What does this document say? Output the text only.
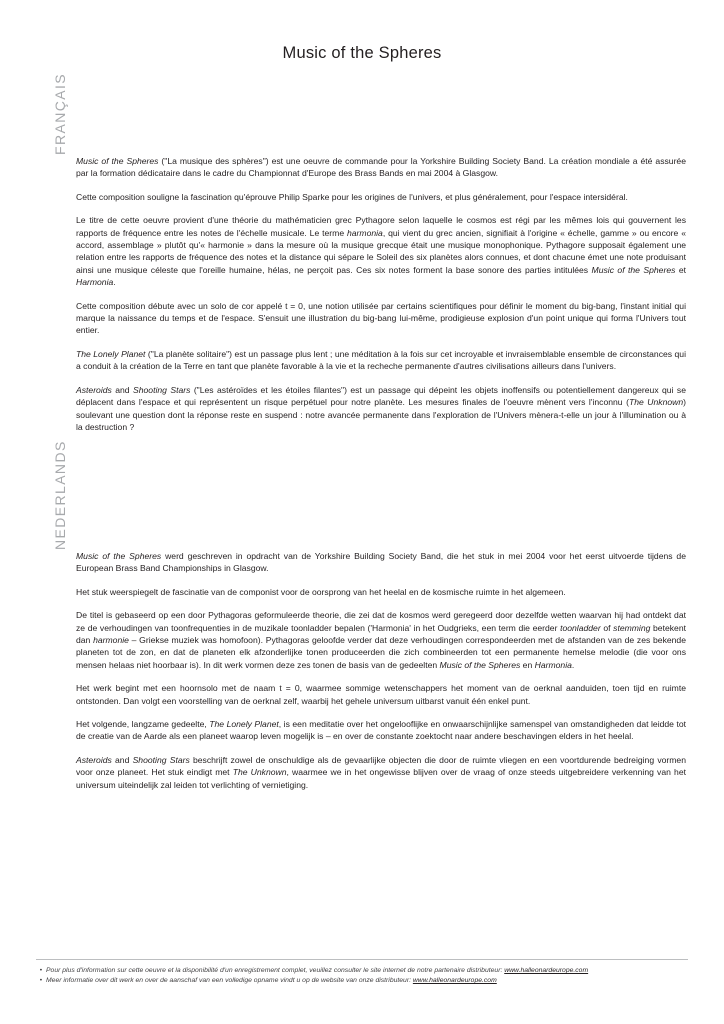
Music of the Spheres
FRANÇAIS

Music of the Spheres ("La musique des sphères") est une oeuvre de commande pour la Yorkshire Building Society Band. La création mondiale a été assurée par la formation dédicataire dans le cadre du Championnat d'Europe des Brass Bands en mai 2004 à Glasgow.

Cette composition souligne la fascination qu'éprouve Philip Sparke pour les origines de l'univers, et plus généralement, pour l'espace intersidéral.

Le titre de cette oeuvre provient d'une théorie du mathématicien grec Pythagore selon laquelle le cosmos est régi par les mêmes lois qui gouvernent les rapports de fréquence entre les notes de l'échelle musicale. Le terme harmonia, qui vient du grec ancien, signifiait à l'origine « échelle, gamme » ou encore « accord, assemblage » plutôt qu'« harmonie » dans la mesure où la musique grecque était une musique monophonique. Pythagore supposait également une relation entre les rapports de fréquence des notes et la distance qui sépare le Soleil des six planètes alors connues, et dont chacune émet une note produisant ainsi une musique céleste que l'oreille humaine, hélas, ne perçoit pas. Ces six notes forment la base sonore des parties intitulées Music of the Spheres et Harmonia.

Cette composition débute avec un solo de cor appelé t = 0, une notion utilisée par certains scientifiques pour définir le moment du big-bang, l'instant initial qui marque la naissance du temps et de l'espace. S'ensuit une illustration du big-bang lui-même, prodigieuse explosion d'un point unique qui forma l'Univers tout entier.

The Lonely Planet ("La planète solitaire") est un passage plus lent ; une méditation à la fois sur cet incroyable et invraisemblable ensemble de circonstances qui a conduit à la création de la Terre en tant que planète favorable à la vie et la recheche permanente d'autres civilisations ailleurs dans l'univers.

Asteroids and Shooting Stars ("Les astéroïdes et les étoiles filantes") est un passage qui dépeint les objets inoffensifs ou potentiellement dangereux qui se déplacent dans l'espace et qui représentent un risque perpétuel pour notre planète. Les mesures finales de l'oeuvre mènent vers l'inconnu (The Unknown) soulevant une question dont la réponse reste en suspend : notre avancée permanente dans l'exploration de l'Univers mènera-t-elle un jour à l'illumination ou à la destruction ?

NEDERLANDS

Music of the Spheres werd geschreven in opdracht van de Yorkshire Building Society Band, die het stuk in mei 2004 voor het eerst uitvoerde tijdens de European Brass Band Championships in Glasgow.

Het stuk weerspiegelt de fascinatie van de componist voor de oorsprong van het heelal en de kosmische ruimte in het algemeen.

De titel is gebaseerd op een door Pythagoras geformuleerde theorie, die zei dat de kosmos werd geregeerd door dezelfde wetten waarvan hij had ontdekt dat ze de verhoudingen van toonfrequenties in de muzikale toonladder bepalen ('Harmonia' in het Oudgrieks, een term die eerder toonladder of stemming betekent dan harmonie – Griekse muziek was homofoon). Pythagoras geloofde verder dat deze verhoudingen correspondeerden met de afstanden van de zes bekende planeten tot de zon, en dat de planeten elk afzonderlijke tonen produceerden die zich combineerden tot een permanente hemelse melodie (die voor ons mensen helaas niet hoorbaar is). In dit werk vormen deze zes tonen de basis van de gedeelten Music of the Spheres en Harmonia.

Het werk begint met een hoornsolo met de naam t = 0, waarmee sommige wetenschappers het moment van de oerknal aanduiden, toen tijd en ruimte ontstonden. Dan volgt een voorstelling van de oerknal zelf, waarbij het gehele universum uitbarst vanuit één enkel punt.

Het volgende, langzame gedeelte, The Lonely Planet, is een meditatie over het ongelooflijke en onwaarschijnlijke samenspel van omstandigheden dat leidde tot de creatie van de Aarde als een planeet waarop leven mogelijk is – en over de constante zoektocht naar andere beschavingen elders in het heelal.

Asteroids and Shooting Stars beschrijft zowel de onschuldige als de gevaarlijke objecten die door de ruimte vliegen en een voortdurende bedreiging vormen voor onze planeet. Het stuk eindigt met The Unknown, waarmee we in het ongewisse blijven over de vraag of onze steeds uitgebreidere verkenning van het universum uiteindelijk zal leiden tot verlichting of vernietiging.

• Pour plus d'information sur cette oeuvre et la disponibilité d'un enregistrement complet, veuillez consulter le site internet de notre partenaire distributeur: www.halleonardeurope.com
• Meer informatie over dit werk en over de aanschaf van een volledige opname vindt u op de website van onze distributeur: www.halleonardeurope.com
